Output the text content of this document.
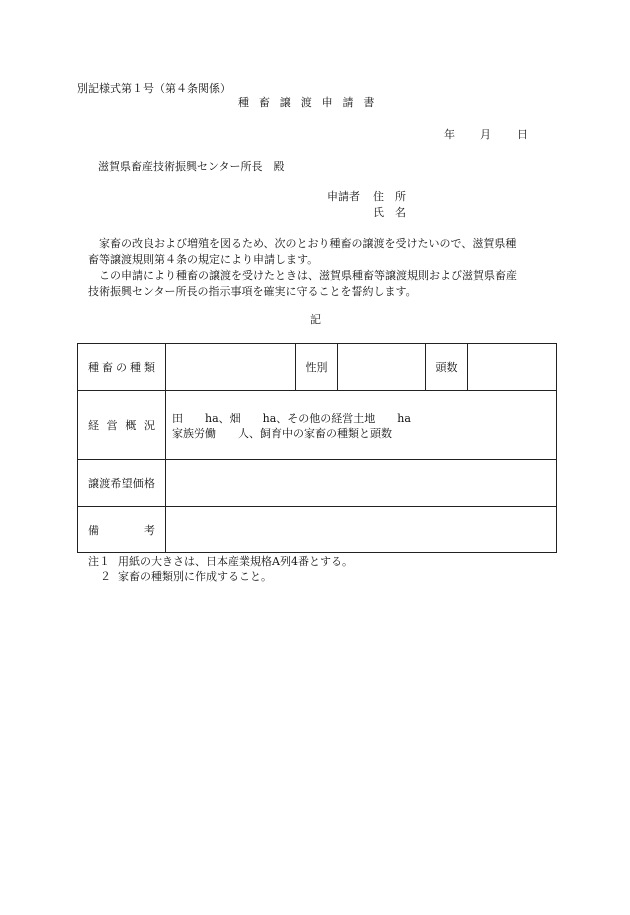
別記様式第１号（第４条関係）
種畜譲渡申請書
年 月 日
滋賀県畜産技術振興センター所長　殿
申請者 住　所
氏　名
家畜の改良および増殖を図るため、次のとおり種畜の譲渡を受けたいので、滋賀県種
畜等譲渡規則第４条の規定により申請します。
この申請により種畜の譲渡を受けたときは、滋賀県種畜等譲渡規則および滋賀県畜産
技術振興センター所長の指示事項を確実に守ることを誓約します。
記
種畜の種類		性別		頭数	
経営概況	田　　ha、畑　　ha、その他の経営土地　　ha
家族労働　　人、飼育中の家畜の種類と頭数				

譲渡希望価格					
備考					
注１ 用紙の大きさは、日本産業規格A列4番とする。
２ 家畜の種類別に作成すること。
